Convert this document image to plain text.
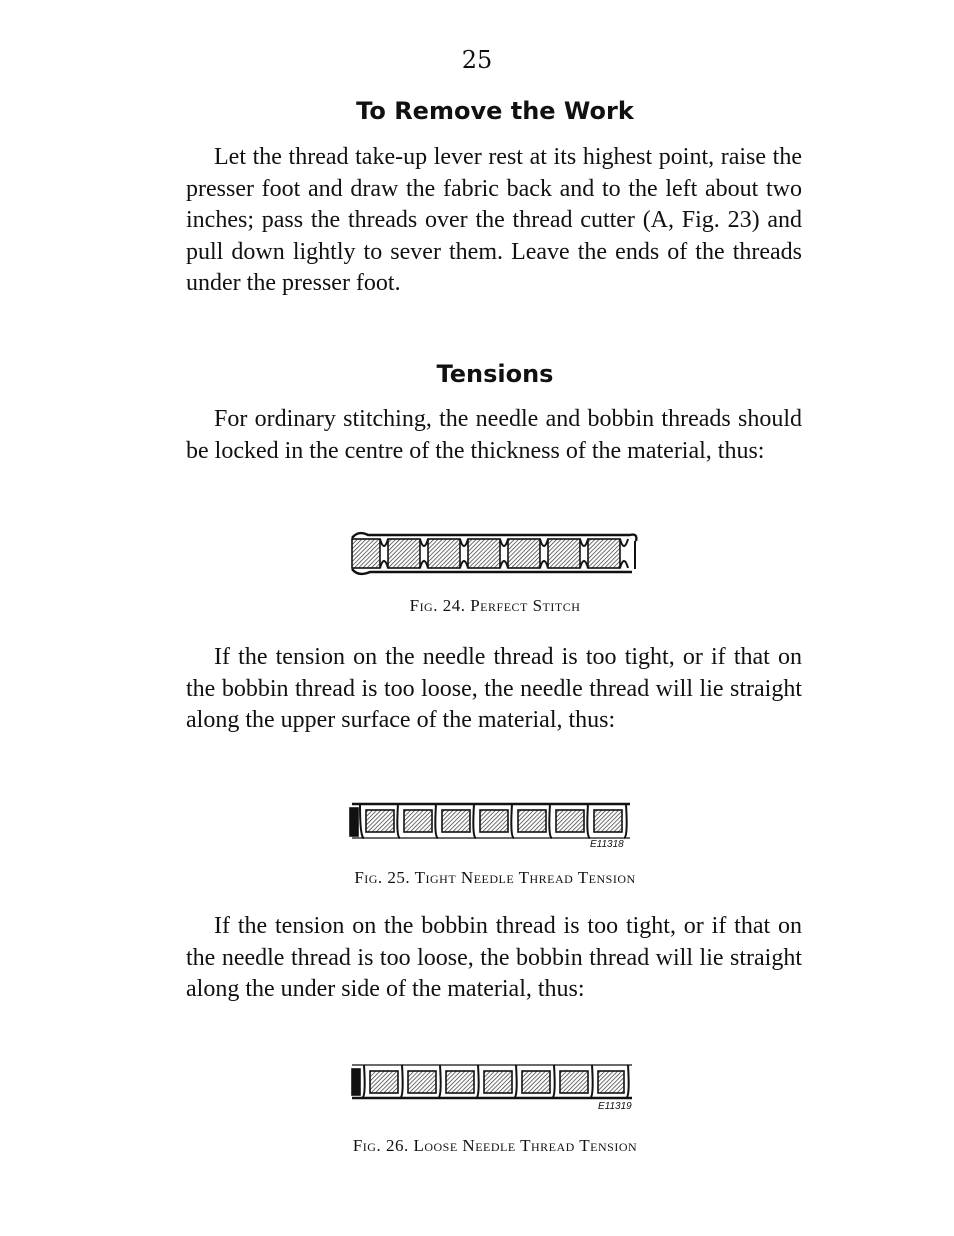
25
To Remove the Work

Let the thread take-up lever rest at its highest point, raise the presser foot and draw the fabric back and to the left about two inches; pass the threads over the thread cutter (A, Fig. 23) and pull down lightly to sever them. Leave the ends of the threads under the presser foot.

Tensions

For ordinary stitching, the needle and bobbin threads should be locked in the centre of the thickness of the material, thus:

Fig. 24. Perfect Stitch

If the tension on the needle thread is too tight, or if that on the bobbin thread is too loose, the needle thread will lie straight along the upper surface of the material, thus:

E11318
Fig. 25. Tight Needle Thread Tension

If the tension on the bobbin thread is too tight, or if that on the needle thread is too loose, the bobbin thread will lie straight along the under side of the material, thus:

E11319
Fig. 26. Loose Needle Thread Tension
